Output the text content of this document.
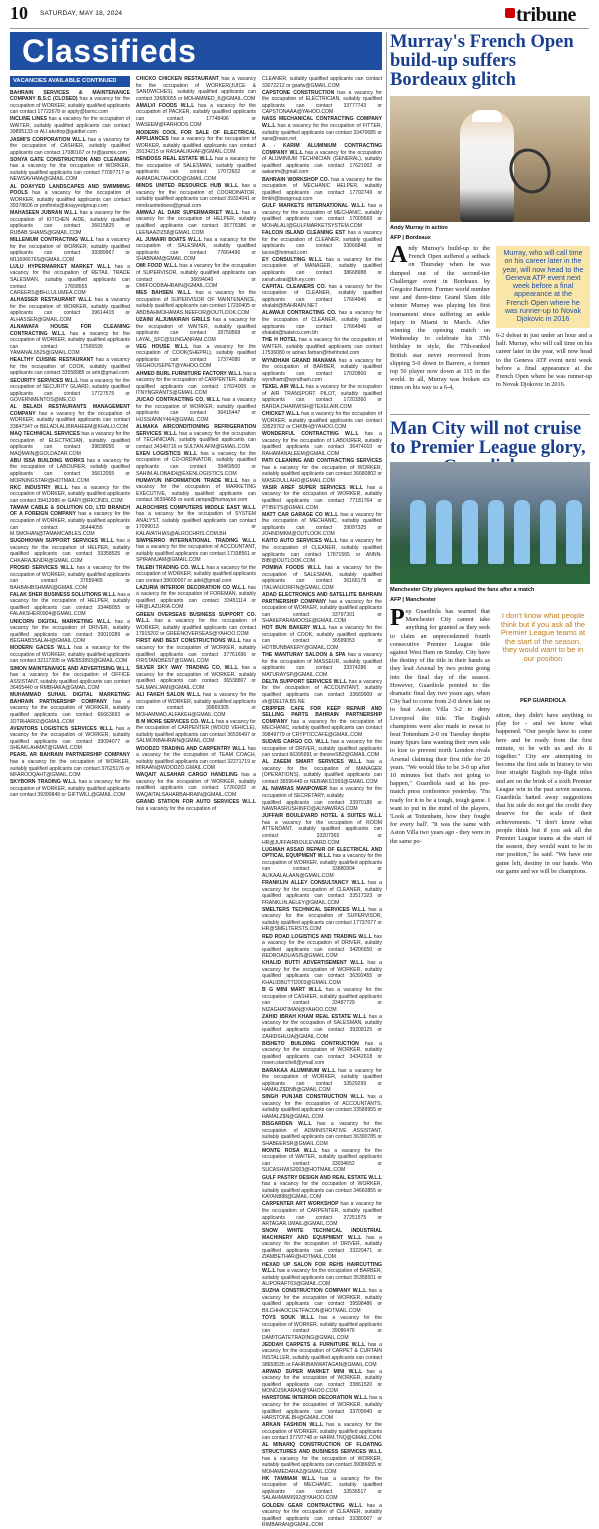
10 SATURDAY, MAY 18, 2024	tribune
Classifieds
VACANCIES AVAILABLE CONTINUED

BAHRAIN SERVICES & MAINTENANCE COMPANY B.S.C (CLOSED) has a vacancy for the occupation of WORKER, suitably qualified applicants can contact 17722678 or apply@bsmc.com

INCLINE LINES has a vacancy for the occupation of WAITER, suitably qualified applicants can contact 39895133 or ALI.aksttop@gatdler.com

JASMI'S CORPORATION W.L.L has a vacancy for the occupation of CASHIER, suitably qualified applicants can contact 17080167 or hr@jasmis.com

SONYA GATE CONSTRUCTION AND CLEANING has a vacancy for the occupation of WORKER, suitably qualified applicants can contact 77097717 or NEWSAVHMA@GMAIL.COM

AL DOAYYED LANDSCAPES AND SWIMMING POOLS has a vacancy for the occupation of WORKER, suitably qualified applicants can contact 39378606 or pmflnnts@doayyedgroup.com

MAHASEEN JUBRAN W.L.L has a vacancy for the occupation of KITCHEN AIDE, suitably qualified applicants can contact 36615825 or RUBAB.SHAMS@GMAIL.COM

MILLENIUM CONTRACTING W.L.L has a vacancy for the occupation of WORKER, suitably qualified applicants can contact 39389967 or M11696676S@GMAIL.COM

LULU HYPERMARKET MARKET W.L.L has a vacancy for the occupation of RETAIL TRADE SALESMAN, suitably qualified applicants can contact 17658555 or CAREERS@BH.LULUMEA.COM

ALHASSER RESTAURANT W.L.L has a vacancy for the occupation of WORKER, suitably qualified applicants can contact 39614415 or ALHASSER@GMAIL.COM

ALNAWAFA HOUSE FOR CLEANING CONTRACTING W.L.L has a vacancy for the occupation of WORKER, suitably qualified applicants can contact 17565599 or YAMANAL6525@GMAIL.COM

HEALTHY CUISINE RESTAURANT has a vacancy for the occupation of COOK, suitably qualified applicants can contact 33558985 or anh@gmail.com

SECURITY SERVICES W.L.L has a vacancy for the occupation of SECURITY GUARD, suitably qualified applicants can contact 17727575 or GOVERNMENTOS@ME.CO

AL BELADI RESTAURANTS MANAGEMENT COMPANY has a vacancy for the occupation of WORKER, suitably qualified applicants can contact 33847347 or BELADI.ALIBRAHEEM@KHALIJ.COM

MAQ TECHNICAL SERVICES has a vacancy for the occupation of ELECTRICIAN, suitably qualified applicants can contact 39838055 or MAQMAIN@GOLDAZAR.COM

ABU ISSA BUILDING WORKS has a vacancy for the occupation of LABOURER, suitably qualified applicants can contact 36612055 or MORNINGSTAR@HOTMAIL.COM

RKC INDUSTRY W.L.L has a vacancy for the occupation of WORKER, suitably qualified applicants can contact 39413986 or GARY@RKCINDL.COM

TAMAM CABLE & SOLUTION CO. LTD BRANCH OF A FOREIGN COMPANY has a vacancy for the occupation of WORKER, suitably qualified applicants can contact 36444055 or M.SMOHAN@TAMAMCABLES.COM

SUGDHKHAN SUPPORT SERVICES W.L.L has a vacancy for the occupation of HELPER, suitably qualified applicants can contact 33358535 or CHKARAJENDR@GMAIL.COM

PROSID SERVICES W.L.L has a vacancy for the occupation of WORKER, suitably qualified applicants can contact 37659465 or BAHBAHBSHMAN@GMAIL.COM

FALAK SHER BUSINESS SOLUTIONS W.L.L has a vacancy for the occupation of HELPER, suitably qualified applicants can contact 33448055 or FALAKSHER0904@GMAIL.COM

UNICORN DIGITAL MARKETING W.L.L has a vacancy for the occupation of DRIVER, suitably qualified applicants can contact 39019289 or BEGHAB3SALAH@GMAIL.COM

MODERN GACES W.L.L has a vacancy for the occupation of WORKER, suitably qualified applicants can contact 32117395 or WEB53893@GMAIL.COM

SIMON MAINTENANCE AND ADVERTISING W.L.L has a vacancy for the occupation of OFFICE ASSISTANT, suitably qualified applicants can contact 36455440 or RMBHAKA@GMAIL.COM

MUHAMMAD SUHAIL DIGITAL MARKETING BAHRAIN PARTNERSHIP COMPANY has a vacancy for the occupation of WORKER, suitably qualified applicants can contact 66663693 or JOTRHAR02@GMAIL.COM

AVENTORS LOGISTICS SERVICES W.L.L has a vacancy for the occupation of WORKER, suitably qualified applicants can contact 39094077 or SHEAKLAHMAT@GMAIL.COM

PEARL AR BAHRAIN PARTNERSHIP COMPANY has a vacancy for the occupation of WORKER, suitably qualified applicants can contact 37625176 or MFAROOQAHT@GMAIL.COM

SKYBORN TRADING W.L.L has a vacancy for the occupation of WORKER, suitably qualified applicants can contact 39399849 or GIFTWILL@GMAIL.COM

CHICKO CHICKEN RESTAURANT has a vacancy for the occupation of WORKER(JUICE & SANDWICHES), suitably qualified applicants can contact 33680055 or MOHAMMED_K@GMAIL.COM

AMALVI FOODS W.L.L has a vacancy for the occupation of PACKER, suitably qualified applicants can contact 17748496 or WASEEM@FARHODS.COM

MODERN COOL FOR SALE OF ELECTRICAL APPLIANCES has a vacancy for the occupation of WORKER, suitably qualified applicants can contact 39134215 or RASAALIKHAF@GMAIL.COM

HENDOSS REAL ESTATE W.L.L has a vacancy for the occupation of SALESMAN, suitably qualified applicants can contact 17072602 or AHMADALTAHOOD@GMAIL.COM

MINDS UNITED RESOURCE HUB W.L.L has a vacancy for the occupation of COORDINATOR, suitably qualified applicants can contact 39324041 or mindsunitednew@gmail.com

AMWAJ AL DAIR SUPERMARKET W.L.L has a vacancy for the occupation of HELPER, suitably qualified applicants can contact 36776386 or LEENAAZIZ58@GMAIL.COM

AL JUMAIRI BOATS W.L.L has a vacancy for the occupation of SALESMAN, suitably qualified applicants can contact 77664496 or SHABNAM@GMAIL.COM

OMI FOOD W.L.L has a vacancy for the occupation of SUPERVISOR, suitably qualified applicants can contact 36694040 or OMIFOODBAHRAIN@GMAIL.COM

MES BAHSEN W.L.L has a vacancy for the occupation of SUPERVISOR OF MAINTENANCE, suitably qualified applicants can contact 17230405 or ABDBAHMOHAMAS.NEEFOR@OUTLOOK.COM

UZAINI ALJUMAIRAH GRILLS has a vacancy for the occupation of WAITER, suitably qualified applicants can contact 39759568 or LAYAL_SFC@SUNGANRAM.COM

VEG HOUSE W.L.L has a vacancy for the occupation of COOK(SHEPRL), suitably qualified applicants can contact 17374080 or VEGHOUSEPET@YAHOO.COM

AHMED BURL FURNITURE FACTORY W.L.L has a vacancy for the occupation of CARPENTER, suitably qualified applicants can contact 17624005 or ITNYNGRANTS@GMAIL.COM

JUCAO CONTRACTING CO. W.L.L has a vacancy for the occupation of WORKER, suitably qualified applicants can contact 36415447 or HUSSIANNY464@GMAIL.COM

ALMAKA AIRCONDITIONING REFRIGERATION SERVICES W.L.L has a vacancy for the occupation of TECHNICIAN, suitably qualified applicants can contact 34340716 or SULTAN.AFM@GMAIL.COM

EXEN LOGISTICS W.L.L has a vacancy for the occupation of CO-ORDINATOR, suitably qualified applicants can contact 39469500 or SAHIM.ALOBAIDI@EXENLOGISTICS.COM

HUMAYUN INFORMATION TRADE W.L.L has a vacancy for the occupation of MARKETING EXECUTIVE, suitably qualified applicants can contact 36394665 or sunil.rampa@humayun.com

ALROCHIRIS COMPUTERS MIDDLE EAST W.L.L has a vacancy for the occupation of SYSTEM ANALYST, suitably qualified applicants can contact 17099013 or KALAVATHIAS@ALROCHRIS.COM.BH

SIWPIERRO INTERNATIONAL TRADING W.L.L has a vacancy for the occupation of ACCOUNTANT, suitably qualified applicants can contact 17338561 or SPIRANUAM@GMAIL.COM

TALEBI TRADING CO. W.L.L has a vacancy for the occupation of WORKER, suitably qualified applicants can contact 39600057 or adel@gmail.com

LAZURIA INTERIOR DECORATION CO W.L.L has a vacancy for the occupation of FOREMAN, suitably qualified applicants can contact 33451114 or HR@LAZURIA.COM

GREEN OVERSEAS BUSINESS SUPPORT CO. W.L.L has a vacancy for the occupation of WORKER, suitably qualified applicants can contact 17915202 or GREENOVERSEAS@YAHOO.COM

FIRST AND BEST CONSTRUCTIONS W.L.L has a vacancy for the occupation of WORKER, suitably qualified applicants can contact 37761696 or FIRSTANDBEST@GMAIL.COM

SILVER SKY WAY TRADING CO. W.L.L has a vacancy for the occupation of WORKER, suitably qualified applicants can contact 36538807 or SALMAN.JAMI@GMAIL.COM

ALI FAKEH SALON W.L.L has a vacancy for the occupation of WORKER, suitably qualified applicants can contact 39869305 or MOHAMMAD.ALFAKEH@GMAIL.COM

B M MORE SERVICES CO. W.L.L has a vacancy for the occupation of CARPENTER (WOOD VEHICLE), suitably qualified applicants can contact 36536497 or SALMONBAHRAIN@GMAIL.COM

WOODZO TRADING AND CARPENTRY W.L.L has a vacancy for the occupation of TEAM COACH, suitably qualified applicants can contact 32271719 or MIRAAN@WOODZO.GMAIL.COM

WAQAIT ALSAHAR CARGO HANDLING has a vacancy for the occupation of WORKER, suitably qualified applicants can contact 17260202 or WAQAITALSAHARBAHRAIN@GMAIL.COM

GRAND STATION FOR AUTO SERVICES W.L.L has a vacancy for the occupation of

CLEANER, suitably qualified applicants can contact 33072212 or gsafw@GMAIL.COM

CAPSTONE CONSTRUCTION has a vacancy for the occupation of ELECTRICIAN, suitably qualified applicants can contact 33777743 or CAPSTONAAA@YAHOO.COM

NASS MECHANICAL CONTRACTING COMPANY W.L.L has a vacancy for the occupation of FITTER, suitably qualified applicants can contact 33470085 or sara@nass.net

A - KARIM ALUMINIUM CONTRACTING COMPANY W.L.L has a vacancy for the occupation of ALUMINIUM TECHNICIAN (GENERAL), suitably qualified applicants can contact 17621002 or aakarim@gmail.com

BAHRAIN WORKSHOP CO. has a vacancy for the occupation of MECHANIC HELPER, suitably qualified applicants can contact 17702749 or tlmkh@bwsgroup.com

GULF MARKETS INTERNATIONAL W.L.L has a vacancy for the occupation of MECHANIC, suitably qualified applicants can contact 17009669 or MOHALALI@GULFMARKETSYSTEM.COM

FALCON ISLAND CLEANING EST has a vacancy for the occupation of CLEANER, suitably qualified applicants can contact 33066848 or lacoe@hotmail.com

EY CONSULTING W.L.L has a vacancy for the occupation of MANAGER, suitably qualified applicants can contact 38668988 or sarah.alsai@bh.ey.com

CAPITAL CLEANERS CO. has a vacancy for the occupation of CLEANER, suitably qualified applicants can contact 17664946 or shalabi@BAHRAIN.NET

ALAWAJI CONTRACTING CO. has a vacancy for the occupation of CLEANER, suitably qualified applicants can contact 17664946 or shalabi@batelco.com.bh

THE H HOTEL has a vacancy for the occupation of WAITER, suitably qualified applicants can contact 17536080 or adnan.farhan@thehhotel.com

WYNDHAM GRAND MANAMA has a vacancy for the occupation of BARBER, suitably qualified applicants can contact 17020800 or wyndham@wyndham.com

TEXEL AIR W.L.L has a vacancy for the occupation of AIR TRANSPORT PILOT, suitably qualified applicants can contact 17203360 or BARDA.DHARWISH@TEXELAIR.COM

CHICKET W.L.L has a vacancy for the occupation of WORKER, suitably qualified applicants can contact 33529762 or CHKBH@YAHOO.COM

WONDERFUL CONTRACTING W.L.L has a vacancy for the occupation of LABOURER, suitably qualified applicants can contact 36474010 or RAHAMANALEEM@GMAIL.COM

PATI CLEANING AND CONTRACTING SERVICES has a vacancy for the occupation of WORKER, suitably qualified applicants can contact 36680802 or MASEDULLAHO@GMAIL.COM

YASIR AREF SUPER SERVICES W.L.L has a vacancy for the occupation of WORKER, suitably qualified applicants can contact 77181764 or PTIBEYS@GMAIL.COM

MATT CAR GARAGE CO W.L.L has a vacancy for the occupation of MECHANIC, suitably qualified applicants can contact 39097325 or JOHNDMKM@OUTLOOK.COM

KAITO AUTO SERVICES W.L.L has a vacancy for the occupation of CLEANER, suitably qualified applicants can contact 17871565 or ANNN-BIBI@OUTLOOK.COM

POMINA FOODS W.L.L has a vacancy for the occupation of SALESMAN, suitably qualified applicants can contact 36166178 or ITALIANJORFIN@GMAIL.COM

ADAD ELECTRONICS AND SATELLITE BAHRAIN PARTNERSHIP COMPANY has a vacancy for the occupation of WORKER, suitably qualified applicants can contact 33797301 or SHAKEPARAMOOSE@GMAIL.COM

HOT BUN BAKERY W.L.L has a vacancy for the occupation of COOK, suitably qualified applicants can contact 36599053 or HOTBUNBAKERY@GMAIL.COM

THE MANTURAY SALOON & SPA has a vacancy for the occupation of MASSEUR, suitably qualified applicants can contact 33374286 or MATURAYSP@GMAIL.COM

DELTA SUPPORT SERVICES W.L.L has a vacancy for the occupation of ACCOUNTANT, suitably qualified applicants can contact 33669900 or sh@DELTA.BS.NE

CRIPPER CAFE FOR KEEP REPAIR AND SELLING PARTS BAHRAIN PARTNERSHIP COMPANY has a vacancy for the occupation of MECHANIC, suitably qualified applicants can contact 39849779 or CRYPTICCAFE@GMAIL.COM

SUDAIS CARGO CO. W.L.L has a vacancy for the occupation of DRIVER, suitably qualified applicants can contact 66395991 or theoneSB2@GMAIL.COM

AL ZAEEM SMART SERVICES W.L.L has a vacancy for the occupation of MANAGER (OPERATIONS), suitably qualified applicants can contact 36596440 or NEBIAKS1993@GMAIL.COM

AL NAWRAS MANPOWER has a vacancy for the occupation of SECRETARY, suitably

qualified applicants can contact 33970186 or NAWRASRUSHINFO@ALNAWRAS.COM

JUFFAIR BOULEVARD HOTEL & SUITES W.L.L has a vacancy for the occupation of ROOM ATTENDANT, suitably qualified applicants can contact 33207365 or HR@JUFFAIRBOULEVARD.COM

LUGMAH ASSAD REPAIR OF ELECTRICAL AND OPTICAL EQUIPMENT W.L.L has a vacancy for the occupation of WORKER, suitably qualified applicants can contact 33880904 or ALIKAALALAAN@GMAIL.COM

FRANKLIN ALLEY CONSULTANCY W.L.L has a vacancy for the occupation of CLEANER, suitably qualified applicants can contact 33517323 or FRANKLIN.AELEY@GMAIL.COM

SMELTERS TECHNICAL SERVICES W.L.L has a vacancy for the occupation of SUPERVISOR, suitably qualified applicants can contact 17737077 or HR@SMELTERSTS.COM

RED ROAD LOGISTICS AND TRADING W.L.L has a vacancy for the occupation of DRIVER, suitably qualified applicants can contact 34206650 or REDROADLIASIS@GMAIL.COM

KHALID BUTTI ADVERTISEMENT W.L.L has a vacancy for the occupation of WORKER, suitably qualified applicants can contact 36392455 or KHALIDBUTTI2003@GMAIL.COM

B G MINI MART W.L.L has a vacancy for the occupation of CASHIER, suitably qualified applicants can contact 33487729 or NIZAGHATIMAN@YAHOO.COM

ZAHID IBRAH KHAM REAL ESTATE W.L.L has a vacancy for the occupation of SALESMAN, suitably qualified applicants can contact 39208125 or ZAHIDSHUJA@GMAIL.COM

BISHETO BUILDING CONTRUCTION has a vacancy for the occupation of WORKER, suitably qualified applicants can contact 34342618 or rosen.stanchell@ymail.com

BARAKAA ALUMINIUM W.L.L has a vacancy for the occupation of WORKER, suitably qualified applicants can contact 33529299 or HAMALZ$DNB@GMAIL.COM

SINGH PUNJAB CONSTRUCTION W.L.L has a vacancy for the occupation of ACCOUNTANTS, suitably qualified applicants can contact 33589955 or HAMALZ$N@GMAIL.COM

BISGARDEN W.L.L has a vacancy for the occupation of ADMINISTRATIVE ASSISTANT, suitably qualified applicants can contact 36390785 or SHABEERSR@GMAIL.COM

MONTE ROSA W.L.L has a vacancy for the occupation of WAITER, suitably qualified applicants can contact 33034652 or SUCASHWIS2003@HOTMAIL.COM

GULF PASTRY DESIGN AND REAL ESTATE W.L.L has a vacancy for the occupation of WORKER, suitably qualified applicants can contact 34660855 or KAYAN888@GMAIL.COM

CARPENTER ART WORKSHOP has a vacancy for the occupation of CARPENTER, suitably qualified applicants can contact 37251575 or ARTAGAR.UMAIL@GMAIL.COM

SNOW WHITE TECHNICAL INDUSTRIAL MACHINERY AND EQUIPMENT W.L.L has a vacancy for the occupation of DRIVER, suitably qualified applicants can contact 33220471 or ZIAMBETHAR@HOTMAIL.COM

HEXAD UP SALON FOR REHS HAIRCUTTING W.L.L has a vacancy for the occupation of BARBER, suitably qualified applicants can contact 35358501 or ALIPORAFT63@GMAIL.COM

SUZHA CONSTRUCTION COMPANY W.L.L has a vacancy for the occupation of WORKER, suitably qualified applicants can contact 39598486 or BILCHHAOCUETFACON@HOTMAIL.COM

TOYS SOUK W.L.L has a vacancy for the occupation of WORKER, suitably qualified applicants can contact 39086476 or DAMITGATETRADING@GMAIL.COM

JEDDAH CARPETS & FURNITURE W.L.L has a vacancy for the occupation of CARPET & CURTAIN INSTALLER, suitably qualified applicants can contact 38659535 or FAHRIBANWATAGAN@GMAIL.COM

ARWAD SUPER MARKET MINI W.L.L has a vacancy for the occupation of WORKER, suitably qualified applicants can contact 33861520 or MONOJSKARAN@YAHOO.COM

HARSTONE INTERIOR DECORATION W.L.L has a vacancy for the occupation of WORKER, suitably qualified applicants can contact 33709940 or HARSTONE.BH@GMAIL.COM

ARKAN FASHION W.L.L has a vacancy for the occupation of WORKER, suitably qualified applicants can contact 37797748 or HARM.TNQ@GMAIL.COM

AL MINARIQ CONSTRUCTION OF FLOATING STRUCTURES AND BUSINESS SERVICES W.L.L has a vacancy for the occupation of WORKER, suitably qualified applicants can contact 39086655 or MOHAMEDARAZ@GMAIL.COM

HK TAMMAM W.L.L has a vacancy for the occupation of MECHANIC, suitably qualified applicants can contact 33536517 or SALAHMAMIS92@YAHOO.COM

GOLDEN GEAR CONTRACTING W.L.L has a vacancy for the occupation of CLEANER, suitably qualified applicants can contact 33380007 or RIMBARAN@GMAIL.COM

Murray's French Open build-up suffers Bordeaux glitch
Andy Murray in action
AFP | Bordeaux
Andy Murray's build-up to the French Open suffered a setback on Thursday when he was dumped out of the second-tier Challenger event in Bordeaux by Gregoire Barrere. Former world number one and three-time Grand Slam title winner Murray was playing his first tournament since suffering an ankle injury in Miami in March. After winning the opening match on Wednesday to celebrate his 37th birthday in style, the 77th-ranked British star never recovered from slipping 5-0 down to Barrere, a former top 50 player now down at 115 in the world. In all, Murray was broken six times on his way to a 6-4,
Murray, who will call time on his career later in the year, will now head to the Geneva ATP event next week before a final appearance at the French Open where he was runner-up to Novak Djokovic in 2016
6-2 defeat in just under an hour and a half. Murray, who will call time on his career later in the year, will now head to the Geneva ATP event next week before a final appearance at the French Open where he was runner-up to Novak Djokovic in 2016.
Man City will not cruise to Premier League glory,
Manchester City players applaud the fans after a match
AFP | Manchester
Pep Guardiola has warned that Manchester City cannot take anything for granted as they seek to claim an unprecedented fourth consecutive Premier League title against West Ham on Sunday. City have the destiny of the title in their hands as they lead Arsenal by two points going into the final day of the season. However, Guardiola pointed to the dramatic final day two years ago, when City had to come from 2-0 down late on to beat Aston Villa 3-2 to deny Liverpool the title. The English champions were also made to sweat to beat Tottenham 2-0 on Tuesday despite many Spurs fans wanting their own side to lose to prevent north London rivals Arsenal claiming their first title for 20 years. "We would like to be 3-0 up after 10 minutes but that's not going to happen," Guardiola said at his pre-match press conference yesterday. "I'm ready for it to be a tough, tough game. I want to put in the mind of the players, 'Look at Tottenham, how they fought for every ball'. "It was the same with Aston Villa two years ago - they were in the same po-
I don't know what people think but if you ask all the Premier League teams at the start of the season, they would want to be in our position
PEP GUARDIOLA
sition, they didn't have anything to play for - and we know what happened. "Our people have to come here and be ready from the first minute, to be with us and do it together." City are attempting to become the first side in history to win four straight English top-flight titles and are on the brink of a sixth Premier League win in the past seven seasons. Guardiola batted away suggestions that his side do not get the credit they deserve for the scale of their achievements. "I don't know what people think but if you ask all the Premier League teams at the start of the season, they would want to be in our position," he said. "We have one game left, destiny in our hands. Win our game and we will be champions.
